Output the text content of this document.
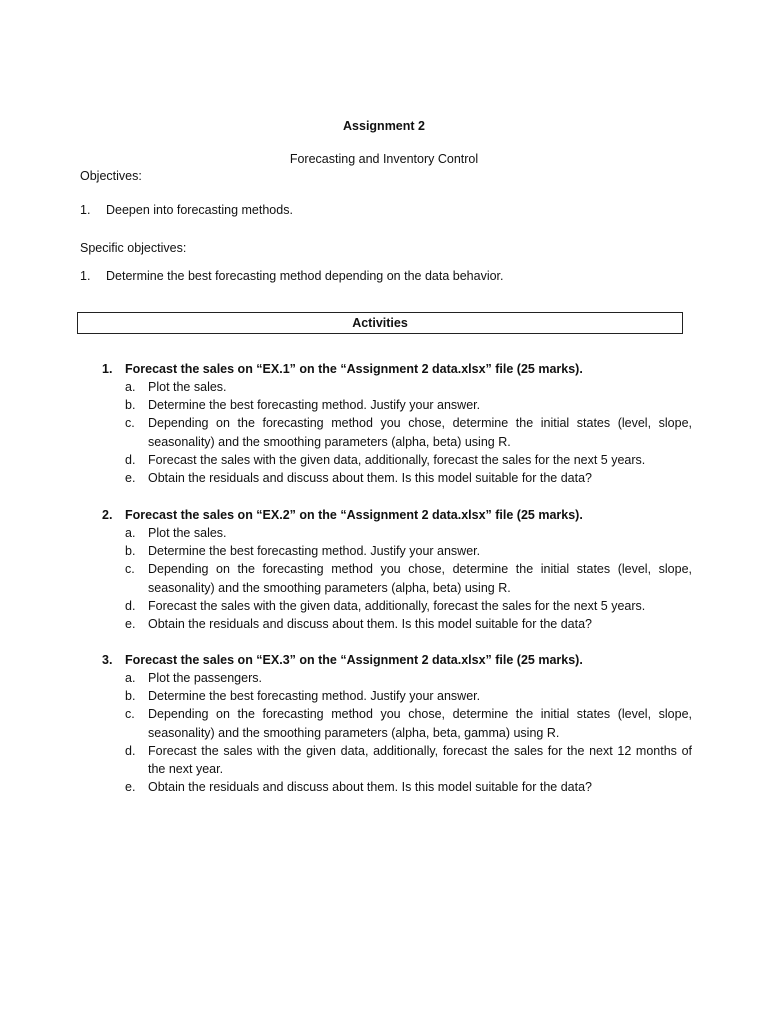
Assignment 2
Forecasting and Inventory Control
Objectives:
1. Deepen into forecasting methods.
Specific objectives:
1. Determine the best forecasting method depending on the data behavior.
Activities
1. Forecast the sales on “EX.1” on the “Assignment 2 data.xlsx” file (25 marks).
a. Plot the sales.
b. Determine the best forecasting method. Justify your answer.
c. Depending on the forecasting method you chose, determine the initial states (level, slope, seasonality) and the smoothing parameters (alpha, beta) using R.
d. Forecast the sales with the given data, additionally, forecast the sales for the next 5 years.
e. Obtain the residuals and discuss about them. Is this model suitable for the data?
2. Forecast the sales on “EX.2” on the “Assignment 2 data.xlsx” file (25 marks).
a. Plot the sales.
b. Determine the best forecasting method. Justify your answer.
c. Depending on the forecasting method you chose, determine the initial states (level, slope, seasonality) and the smoothing parameters (alpha, beta) using R.
d. Forecast the sales with the given data, additionally, forecast the sales for the next 5 years.
e. Obtain the residuals and discuss about them. Is this model suitable for the data?
3. Forecast the sales on “EX.3” on the “Assignment 2 data.xlsx” file (25 marks).
a. Plot the passengers.
b. Determine the best forecasting method. Justify your answer.
c. Depending on the forecasting method you chose, determine the initial states (level, slope, seasonality) and the smoothing parameters (alpha, beta, gamma) using R.
d. Forecast the sales with the given data, additionally, forecast the sales for the next 12 months of the next year.
e. Obtain the residuals and discuss about them. Is this model suitable for the data?
